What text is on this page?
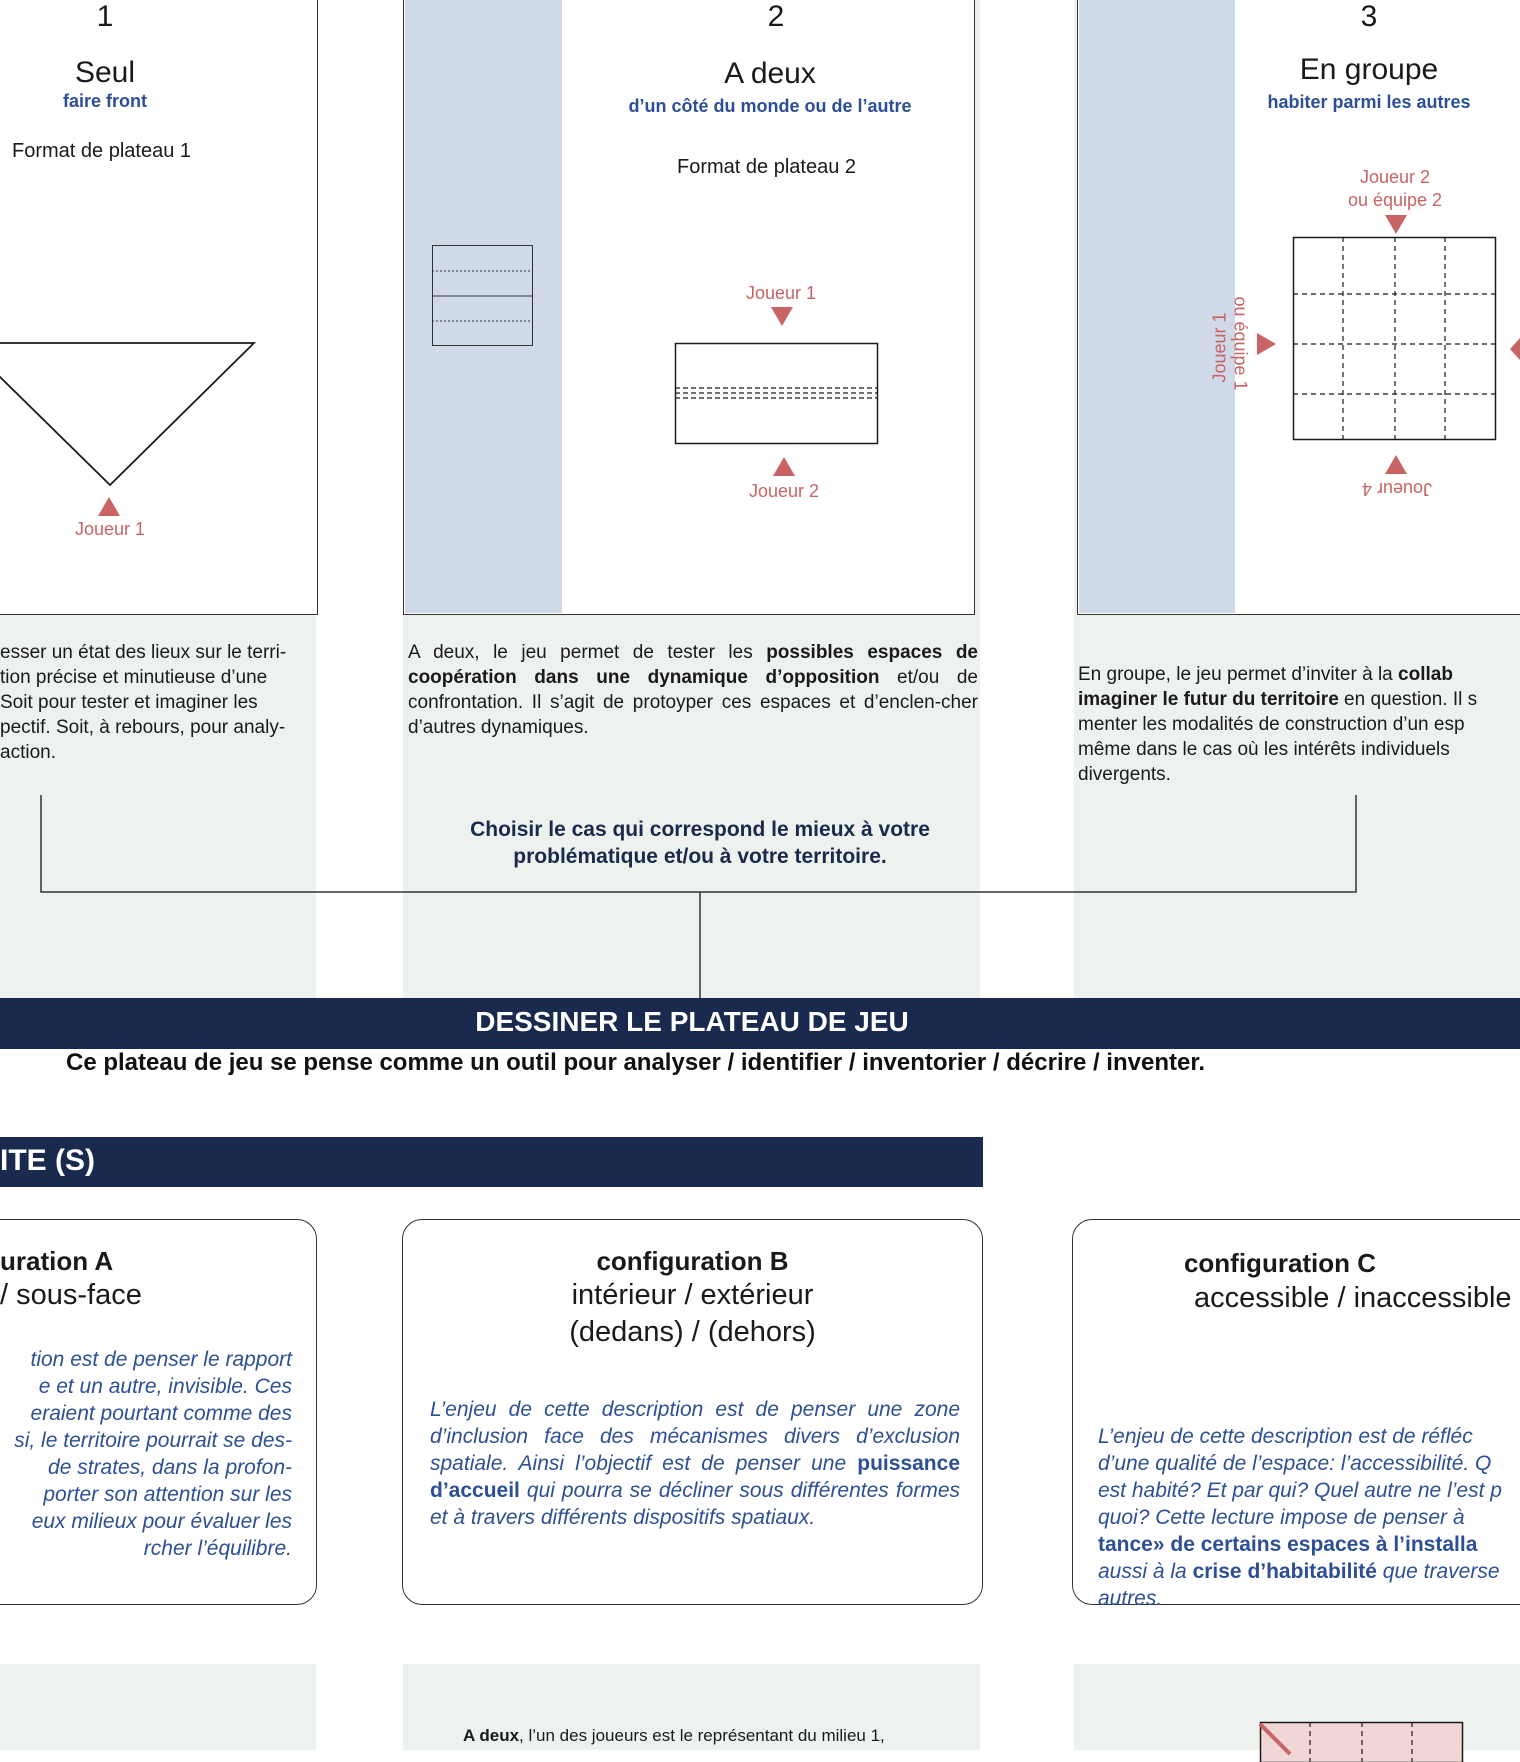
1
Seul
faire front
Format de plateau 1
Joueur 1
2
A deux
d’un côté du monde ou de l’autre
Format de plateau 2
Joueur 1
Joueur 2
3
En groupe
habiter parmi les autres
Joueur 2
ou équipe 2
Joueur 1 ou équipe 1
Joueur 4
esser un état des lieux sur le terri-
tion précise et minutieuse d’une
Soit pour tester et imaginer les
pectif. Soit, à rebours, pour analy-
action.
A deux, le jeu permet de tester les possibles espaces de coopération dans une dynamique d’opposition et/ou de confrontation. Il s’agit de protoyper ces espaces et d’enclen-cher d’autres dynamiques.

En groupe, le jeu permet d’inviter à la collab
imaginer le futur du territoire en question. Il s
menter les modalités de construction d’un esp
même dans le cas où les intérêts individuels
divergents.

Choisir le cas qui correspond le mieux à votre
problématique et/ou à votre territoire.
DESSINER LE PLATEAU DE JEU
Ce plateau de jeu se pense comme un outil pour analyser / identifier / inventorier / décrire / inventer.
ITE (S)
uration A
/ sous-face
tion est de penser le rapport
e et un autre, invisible. Ces
eraient pourtant comme des
si, le territoire pourrait se des-
de strates, dans la profon-
porter son attention sur les
eux milieux pour évaluer les
rcher l’équilibre.
configuration B
intérieur / extérieur
(dedans) / (dehors)
L’enjeu de cette description est de penser une zone d’inclusion face des mécanismes divers d’exclusion spatiale. Ainsi l’objectif est de penser une puissance d’accueil qui pourra se décliner sous différentes formes et à travers différents dispositifs spatiaux.
configuration C
accessible / inaccessible

L’enjeu de cette description est de réfléc
d’une qualité de l’espace: l’accessibilité. Q
est habité? Et par qui? Quel autre ne l’est p
quoi? Cette lecture impose de penser à
tance» de certains espaces à l’installa
aussi à la crise d’habitabilité que traverse
autres.

A deux, l’un des joueurs est le représentant du milieu 1,
